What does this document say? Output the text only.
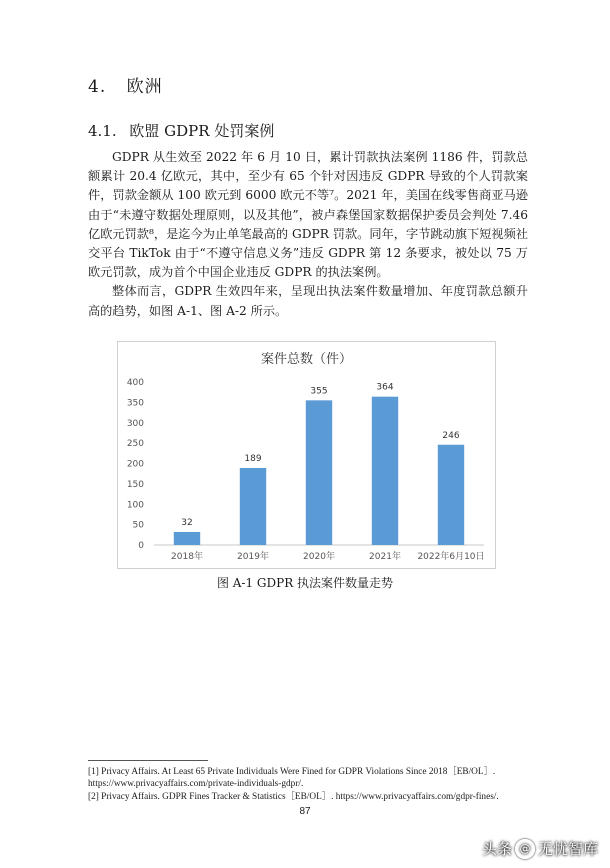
4. 欧洲
4.1. 欧盟 GDPR 处罚案例

GDPR 从生效至 2022 年 6 月 10 日，累计罚款执法案例 1186 件，罚款总额累计 20.4 亿欧元，其中，至少有 65 个针对因违反 GDPR 导致的个人罚款案件，罚款金额从 100 欧元到 6000 欧元不等⁷。2021 年，美国在线零售商亚马逊由于“未遵守数据处理原则，以及其他”，被卢森堡国家数据保护委员会判处 7.46 亿欧元罚款⁸，是迄今为止单笔最高的 GDPR 罚款。同年，字节跳动旗下短视频社交平台 TikTok 由于“不遵守信息义务”违反 GDPR 第 12 条要求，被处以 75 万欧元罚款，成为首个中国企业违反 GDPR 的执法案例。

整体而言，GDPR 生效四年来，呈现出执法案件数量增加、年度罚款总额升高的趋势，如图 A-1、图 A-2 所示。

案件总数（件）
0
50
100
150
200
250
300
350
400
32
2018年
189
2019年
355
2020年
364
2021年
246
2022年6月10日
图 A-1 GDPR 执法案件数量走势
[1] Privacy Affairs. At Least 65 Private Individuals Were Fined for GDPR Violations Since 2018［EB/OL］. https://www.privacyaffairs.com/private-individuals-gdpr/.
[2] Privacy Affairs. GDPR Fines Tracker & Statistics［EB/OL］. https://www.privacyaffairs.com/gdpr-fines/.
87
头条 @ 无忧智库
